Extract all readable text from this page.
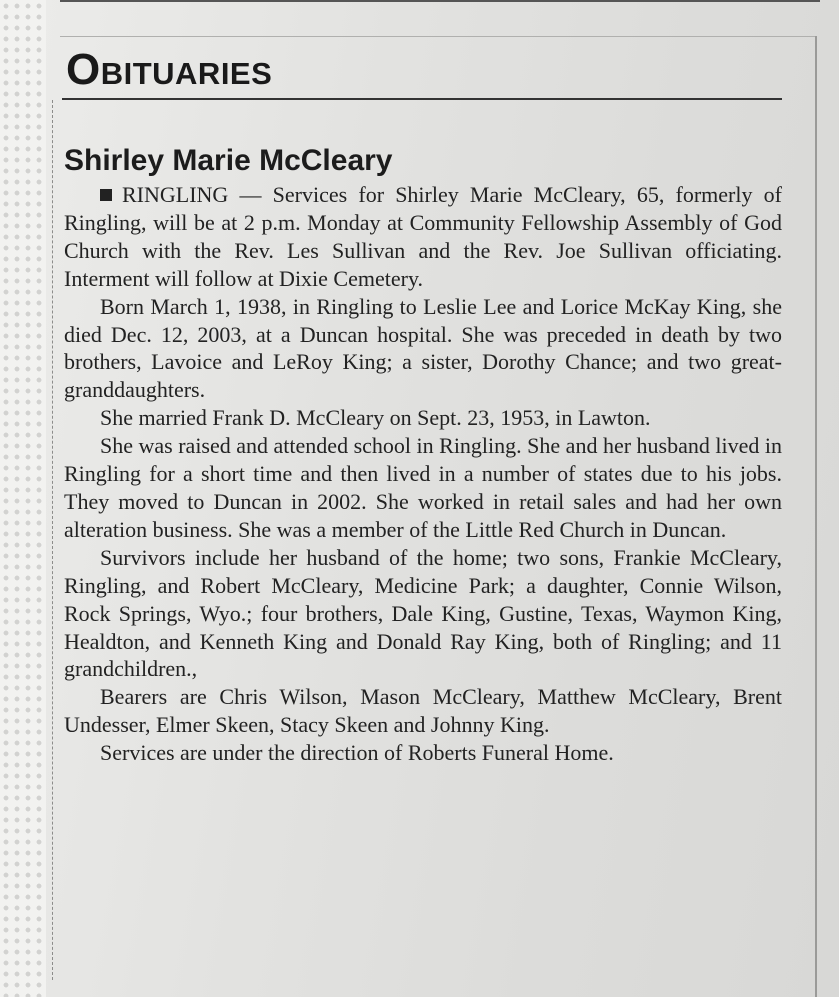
Obituaries
Shirley Marie McCleary

RINGLING — Services for Shirley Marie McCleary, 65, formerly of Ringling, will be at 2 p.m. Monday at Community Fellowship Assembly of God Church with the Rev. Les Sullivan and the Rev. Joe Sullivan officiating. Interment will follow at Dixie Cemetery.

Born March 1, 1938, in Ringling to Leslie Lee and Lorice McKay King, she died Dec. 12, 2003, at a Duncan hospital. She was preceded in death by two brothers, Lavoice and LeRoy King; a sister, Dorothy Chance; and two great-granddaughters.

She married Frank D. McCleary on Sept. 23, 1953, in Lawton.

She was raised and attended school in Ringling. She and her husband lived in Ringling for a short time and then lived in a number of states due to his jobs. They moved to Duncan in 2002. She worked in retail sales and had her own alteration business. She was a member of the Little Red Church in Duncan.

Survivors include her husband of the home; two sons, Frankie McCleary, Ringling, and Robert McCleary, Medicine Park; a daughter, Connie Wilson, Rock Springs, Wyo.; four brothers, Dale King, Gustine, Texas, Waymon King, Healdton, and Kenneth King and Donald Ray King, both of Ringling; and 11 grandchildren.,

Bearers are Chris Wilson, Mason McCleary, Matthew McCleary, Brent Undesser, Elmer Skeen, Stacy Skeen and Johnny King.

Services are under the direction of Roberts Funeral Home.
